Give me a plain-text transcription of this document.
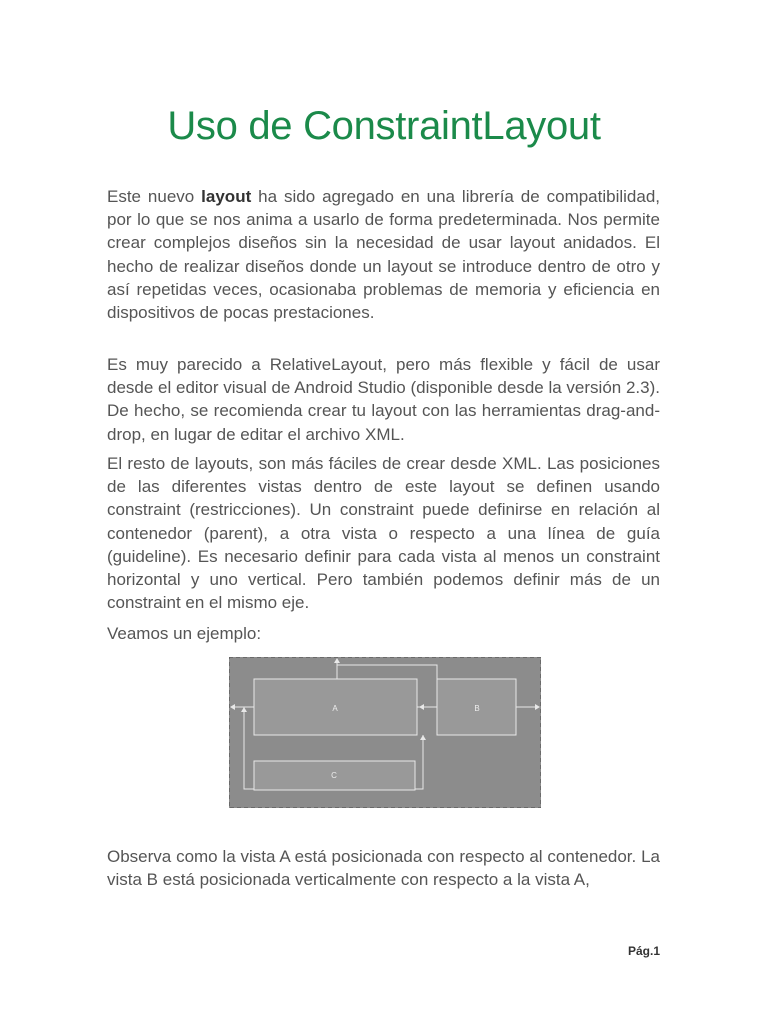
Uso de ConstraintLayout

Este nuevo layout ha sido agregado en una librería de compatibilidad, por lo que se nos anima a usarlo de forma predeterminada. Nos permite crear complejos diseños sin la necesidad de usar layout anidados. El hecho de realizar diseños donde un layout se introduce dentro de otro y así repetidas veces, ocasionaba problemas de memoria y eficiencia en dispositivos de pocas prestaciones.

Es muy parecido a RelativeLayout, pero más flexible y fácil de usar desde el editor visual de Android Studio (disponible desde la versión 2.3). De hecho, se recomienda crear tu layout con las herramientas drag-and-drop, en lugar de editar el archivo XML.

El resto de layouts, son más fáciles de crear desde XML. Las posiciones de las diferentes vistas dentro de este layout se definen usando constraint (restricciones). Un constraint puede definirse en relación al contenedor (parent), a otra vista o respecto a una línea de guía (guideline). Es necesario definir para cada vista al menos un constraint horizontal y uno vertical. Pero también podemos definir más de un constraint en el mismo eje.

Veamos un ejemplo:

A	B
C

Observa como la vista A está posicionada con respecto al contenedor. La vista B está posicionada verticalmente con respecto a la vista A,

Pág.1
